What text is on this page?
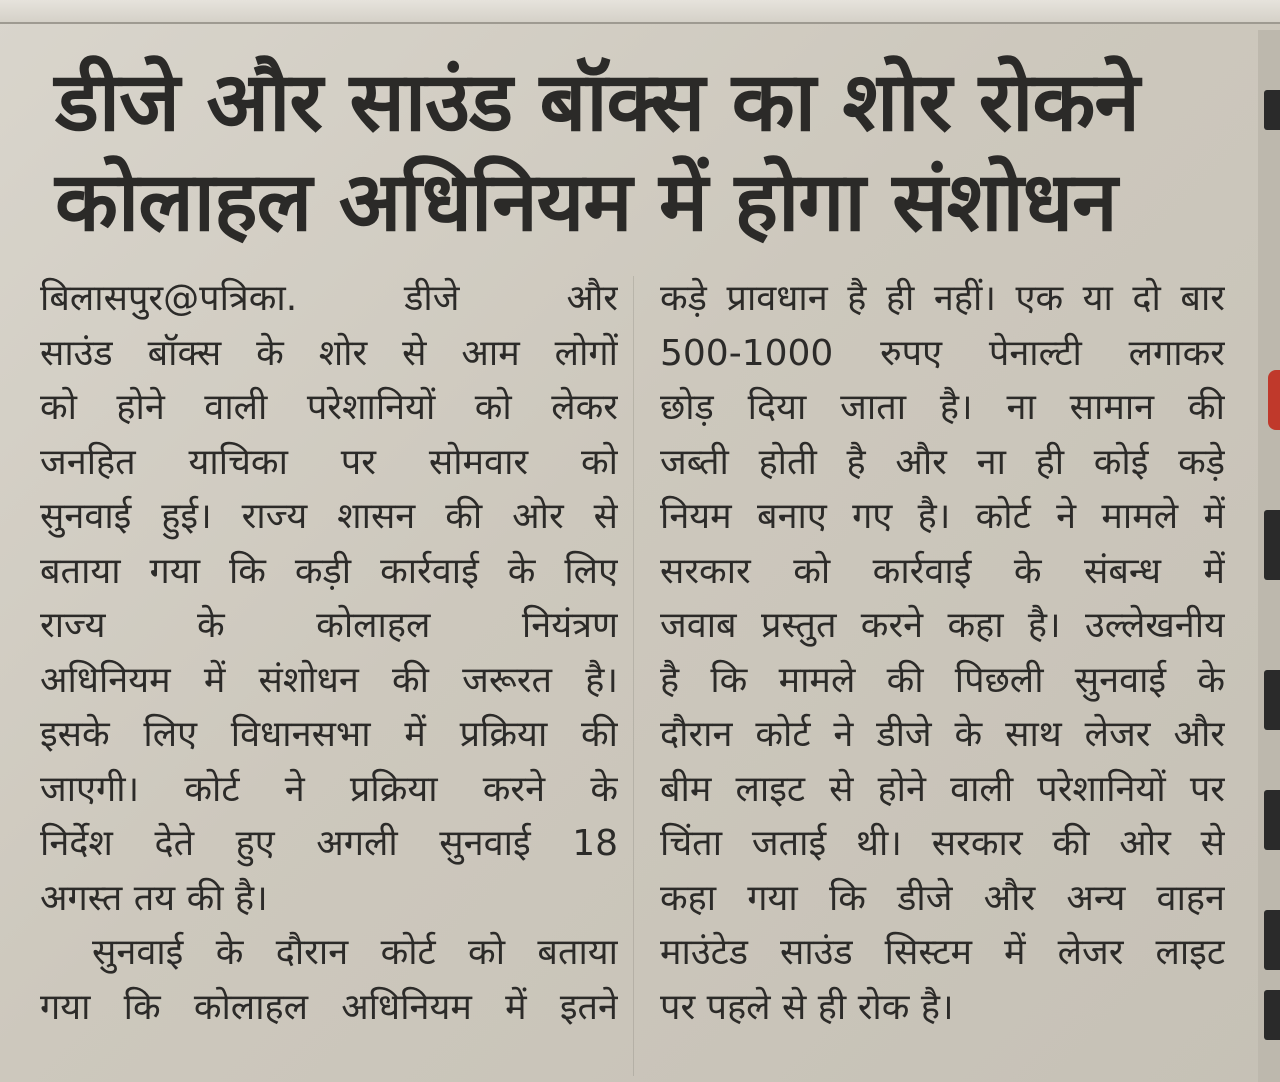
डीजे और साउंड बॉक्स का शोर रोकने
कोलाहल अधिनियम में होगा संशोधन
बिलासपुर@पत्रिका. डीजे और
साउंड बॉक्स के शोर से आम लोगों
को होने वाली परेशानियों को लेकर
जनहित याचिका पर सोमवार को
सुनवाई हुई। राज्य शासन की ओर से
बताया गया कि कड़ी कार्रवाई के लिए
राज्य के कोलाहल नियंत्रण
अधिनियम में संशोधन की जरूरत है।
इसके लिए विधानसभा में प्रक्रिया की
जाएगी। कोर्ट ने प्रक्रिया करने के
निर्देश देते हुए अगली सुनवाई 18
अगस्त तय की है।
सुनवाई के दौरान कोर्ट को बताया
गया कि कोलाहल अधिनियम में इतने
कड़े प्रावधान है ही नहीं। एक या दो बार
500-1000 रुपए पेनाल्टी लगाकर
छोड़ दिया जाता है। ना सामान की
जब्ती होती है और ना ही कोई कड़े
नियम बनाए गए है। कोर्ट ने मामले में
सरकार को कार्रवाई के संबन्ध में
जवाब प्रस्तुत करने कहा है। उल्लेखनीय
है कि मामले की पिछली सुनवाई के
दौरान कोर्ट ने डीजे के साथ लेजर और
बीम लाइट से होने वाली परेशानियों पर
चिंता जताई थी। सरकार की ओर से
कहा गया कि डीजे और अन्य वाहन
माउंटेड साउंड सिस्टम में लेजर लाइट
पर पहले से ही रोक है।
